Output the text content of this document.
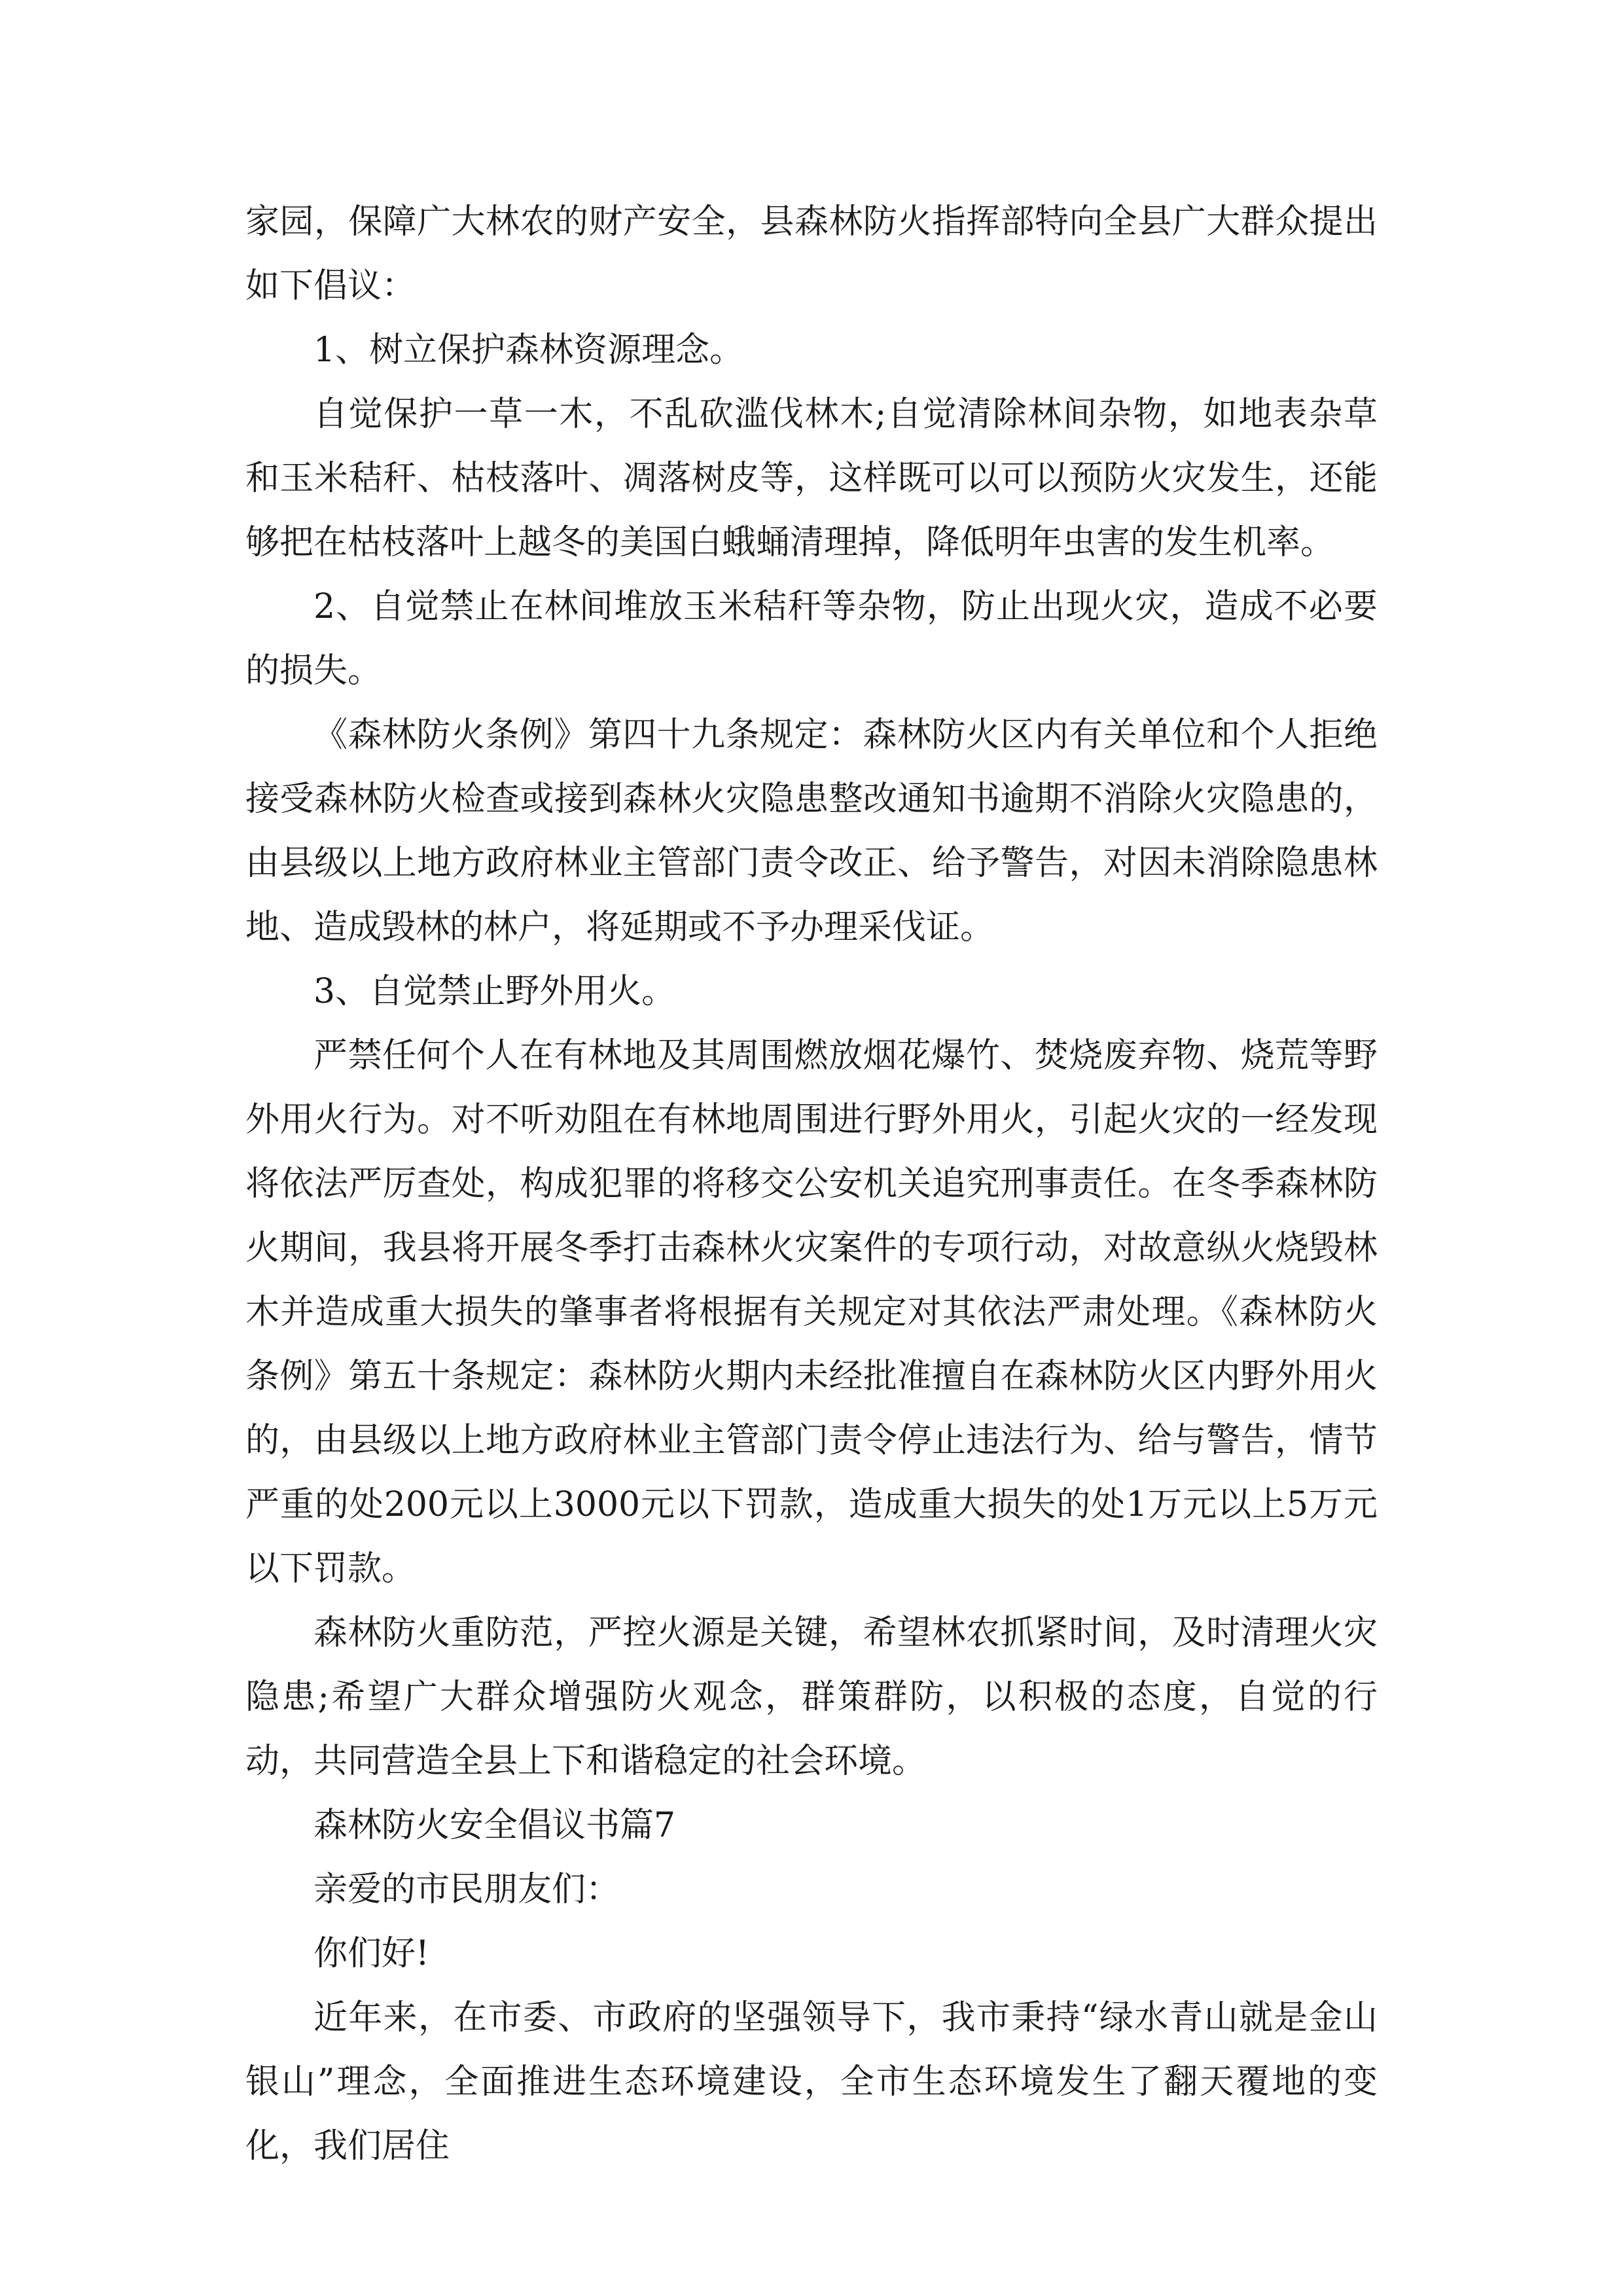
家园，保障广大林农的财产安全，县森林防火指挥部特向全县广大群众提出如下倡议：

1、树立保护森林资源理念。

自觉保护一草一木，不乱砍滥伐林木;自觉清除林间杂物，如地表杂草和玉米秸秆、枯枝落叶、凋落树皮等，这样既可以可以预防火灾发生，还能够把在枯枝落叶上越冬的美国白蛾蛹清理掉，降低明年虫害的发生机率。

2、自觉禁止在林间堆放玉米秸秆等杂物，防止出现火灾，造成不必要的损失。

《森林防火条例》第四十九条规定：森林防火区内有关单位和个人拒绝接受森林防火检查或接到森林火灾隐患整改通知书逾期不消除火灾隐患的，由县级以上地方政府林业主管部门责令改正、给予警告，对因未消除隐患林地、造成毁林的林户，将延期或不予办理采伐证。

3、自觉禁止野外用火。

严禁任何个人在有林地及其周围燃放烟花爆竹、焚烧废弃物、烧荒等野外用火行为。对不听劝阻在有林地周围进行野外用火，引起火灾的一经发现将依法严厉查处，构成犯罪的将移交公安机关追究刑事责任。在冬季森林防火期间，我县将开展冬季打击森林火灾案件的专项行动，对故意纵火烧毁林木并造成重大损失的肇事者将根据有关规定对其依法严肃处理。《森林防火条例》第五十条规定：森林防火期内未经批准擅自在森林防火区内野外用火的，由县级以上地方政府林业主管部门责令停止违法行为、给与警告，情节严重的处200元以上3000元以下罚款，造成重大损失的处1万元以上5万元以下罚款。

森林防火重防范，严控火源是关键，希望林农抓紧时间，及时清理火灾隐患;希望广大群众增强防火观念，群策群防，以积极的态度，自觉的行动，共同营造全县上下和谐稳定的社会环境。

森林防火安全倡议书篇7

亲爱的市民朋友们：

你们好!

近年来，在市委、市政府的坚强领导下，我市秉持“绿水青山就是金山银山”理念，全面推进生态环境建设，全市生态环境发生了翻天覆地的变化，我们居住
